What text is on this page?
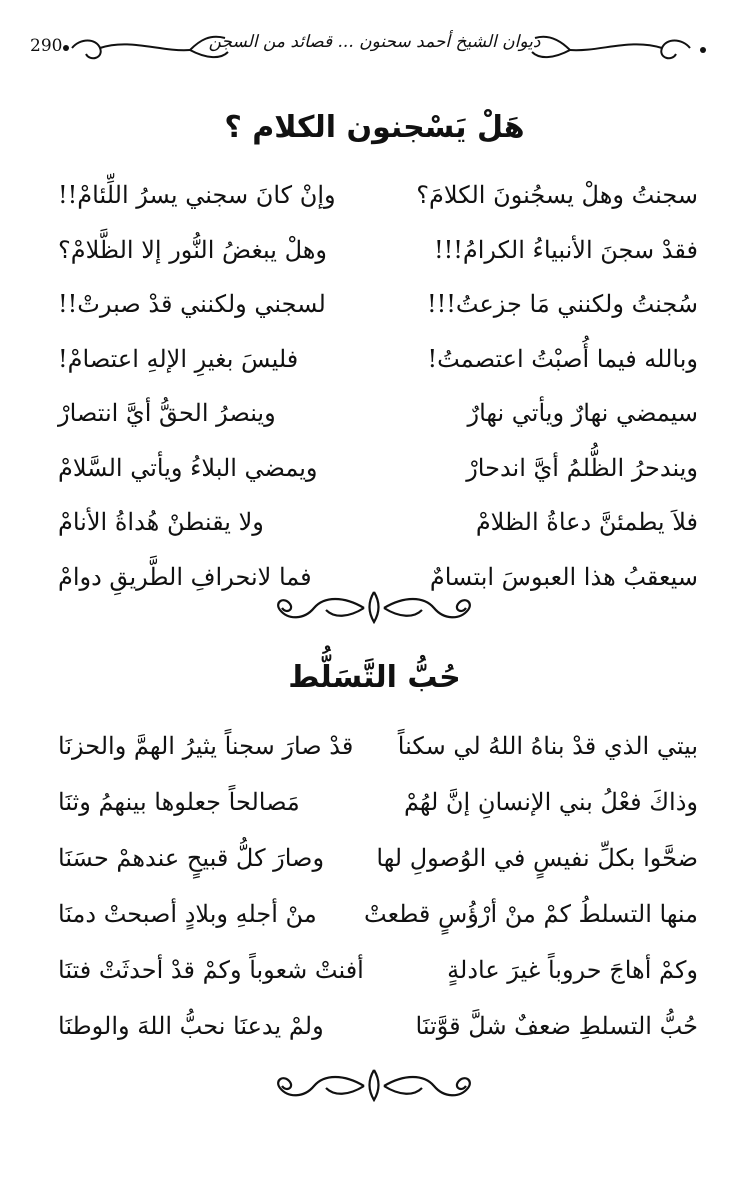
290	ديوان الشيخ أحمد سحنون ... قصائد من السجن
هَلْ يَسْجنون الكلام ؟
سجنتُ وهلْ يسجُنونَ الكلامَ؟
وإنْ كانَ سجني يسرُ اللِّئامْ!!
فقدْ سجنَ الأنبياءُ الكرامُ!!!
وهلْ يبغضُ النُّور إلا الظَّلامْ؟
سُجنتُ ولكنني مَا جزعتُ!!!
لسجني ولكنني قدْ صبرتْ!!
وبالله فيما أُصبْتُ اعتصمتُ!
فليسَ بغيرِ الإلهِ اعتصامْ!
سيمضي نهارٌ ويأتي نهارٌ
وينصرُ الحقُّ أيَّ انتصارْ
ويندحرُ الظُّلمُ أيَّ اندحارْ
ويمضي البلاءُ ويأتي السَّلامْ
فلاَ يطمئنَّ دعاةُ الظلامْ
ولا يقنطنْ هُداةُ الأنامْ
سيعقبُ هذا العبوسَ ابتسامٌ
فما لانحرافِ الطَّريقِ دوامْ
حُبُّ التَّسَلُّط
بيتي الذي قدْ بناهُ اللهُ لي سكناً
قدْ صارَ سجناً يثيرُ الهمَّ والحزنَا
وذاكَ فعْلُ بني الإنسانِ إنَّ لهُمْ
مَصالحاً جعلوها بينهمُ وثنَا
ضحَّوا بكلِّ نفيسٍ في الوُصولِ لها
وصارَ كلُّ قبيحٍ عندهمْ حسَنَا
منها التسلطُ كمْ منْ أرْؤُسٍ قطعتْ
منْ أجلهِ وبلادٍ أصبحتْ دمنَا
وكمْ أهاجَ حروباً غيرَ عادلةٍ
أفنتْ شعوباً وكمْ قدْ أحدثَتْ فتنَا
حُبُّ التسلطِ ضعفٌ شلَّ قوَّتنَا
ولمْ يدعنَا نحبُّ اللهَ والوطنَا
